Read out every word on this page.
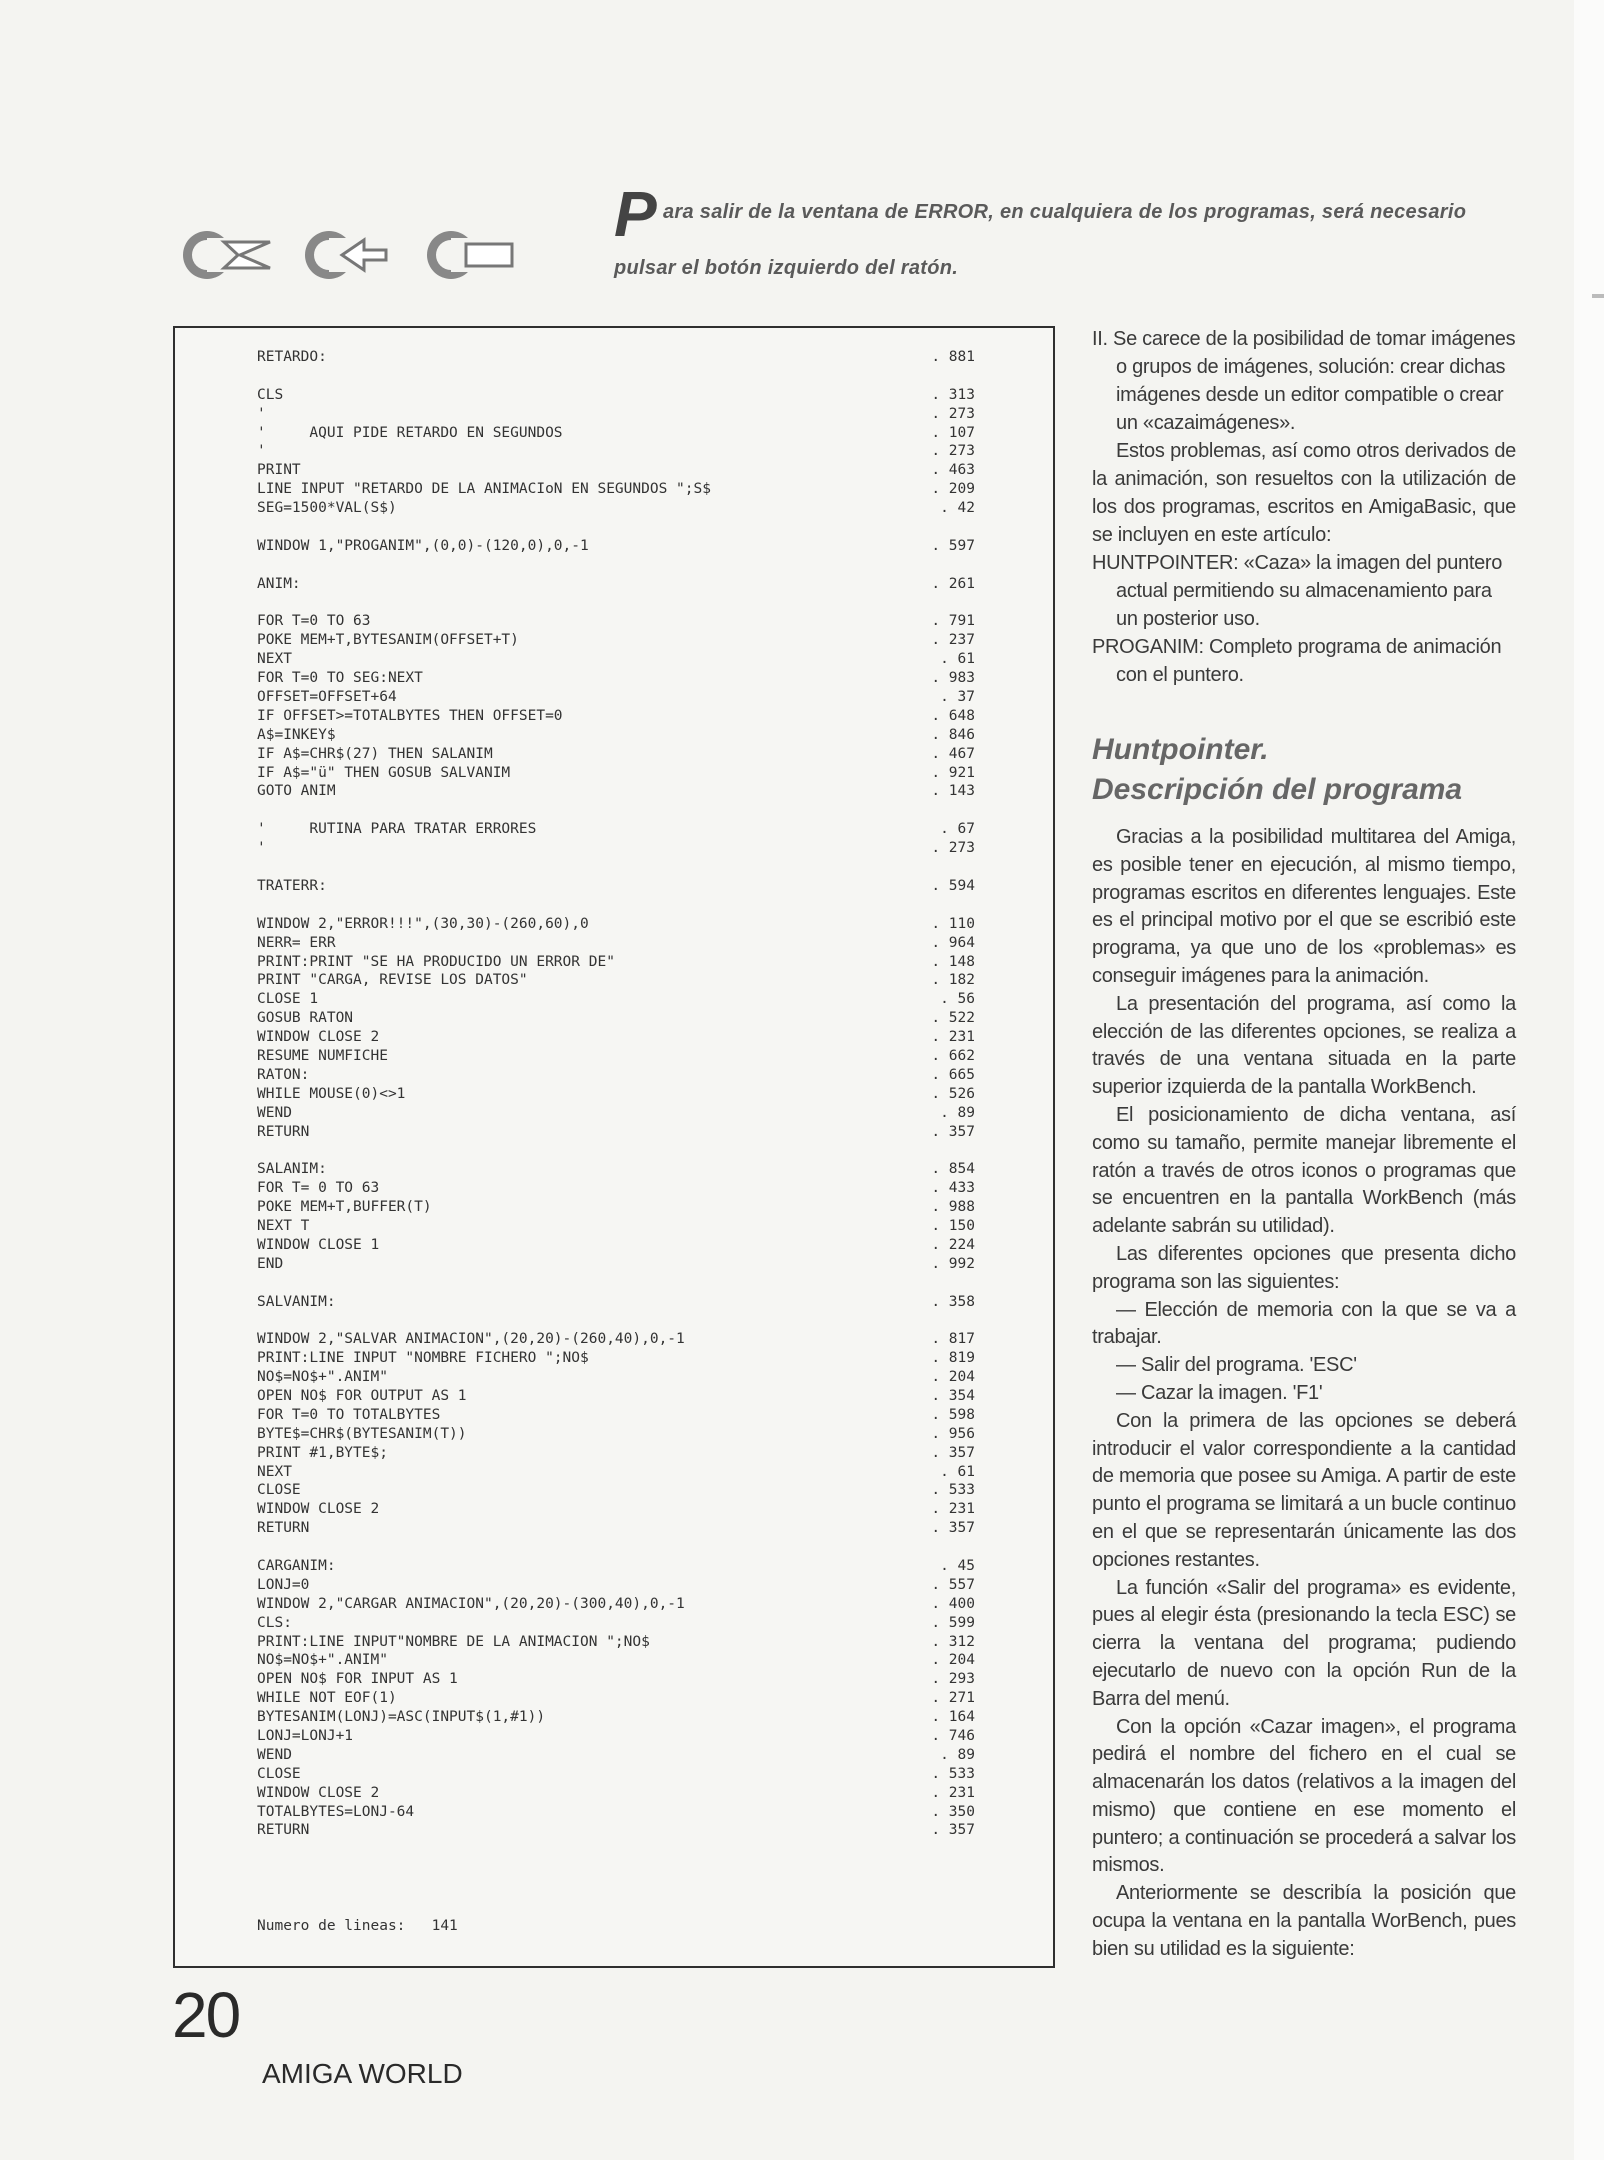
Para salir de la ventana de ERROR, en cualquiera de los programas, será necesario pulsar el botón izquierdo del ratón.
RETARDO:	. 881
CLS	. 313
'	. 273
'     AQUI PIDE RETARDO EN SEGUNDOS	. 107
'	. 273
PRINT	. 463
LINE INPUT "RETARDO DE LA ANIMACIoN EN SEGUNDOS ";S$	. 209
SEG=1500*VAL(S$)	. 42
WINDOW 1,"PROGANIM",(0,0)-(120,0),0,-1	. 597
ANIM:	. 261
FOR T=0 TO 63	. 791
POKE MEM+T,BYTESANIM(OFFSET+T)	. 237
NEXT	. 61
FOR T=0 TO SEG:NEXT	. 983
OFFSET=OFFSET+64	. 37
IF OFFSET>=TOTALBYTES THEN OFFSET=0	. 648
A$=INKEY$	. 846
IF A$=CHR$(27) THEN SALANIM	. 467
IF A$="ü" THEN GOSUB SALVANIM	. 921
GOTO ANIM	. 143
'     RUTINA PARA TRATAR ERRORES	. 67
'	. 273
TRATERR:	. 594
WINDOW 2,"ERROR!!!",(30,30)-(260,60),0	. 110
NERR= ERR	. 964
PRINT:PRINT "SE HA PRODUCIDO UN ERROR DE"	. 148
PRINT "CARGA, REVISE LOS DATOS"	. 182
CLOSE 1	. 56
GOSUB RATON	. 522
WINDOW CLOSE 2	. 231
RESUME NUMFICHE	. 662
RATON:	. 665
WHILE MOUSE(0)<>1	. 526
WEND	. 89
RETURN	. 357
SALANIM:	. 854
FOR T= 0 TO 63	. 433
POKE MEM+T,BUFFER(T)	. 988
NEXT T	. 150
WINDOW CLOSE 1	. 224
END	. 992
SALVANIM:	. 358
WINDOW 2,"SALVAR ANIMACION",(20,20)-(260,40),0,-1	. 817
PRINT:LINE INPUT "NOMBRE FICHERO ";NO$	. 819
NO$=NO$+".ANIM"	. 204
OPEN NO$ FOR OUTPUT AS 1	. 354
FOR T=0 TO TOTALBYTES	. 598
BYTE$=CHR$(BYTESANIM(T))	. 956
PRINT #1,BYTE$;	. 357
NEXT	. 61
CLOSE	. 533
WINDOW CLOSE 2	. 231
RETURN	. 357
CARGANIM:	. 45
LONJ=0	. 557
WINDOW 2,"CARGAR ANIMACION",(20,20)-(300,40),0,-1	. 400
CLS:	. 599
PRINT:LINE INPUT"NOMBRE DE LA ANIMACION ";NO$	. 312
NO$=NO$+".ANIM"	. 204
OPEN NO$ FOR INPUT AS 1	. 293
WHILE NOT EOF(1)	. 271
BYTESANIM(LONJ)=ASC(INPUT$(1,#1))	. 164
LONJ=LONJ+1	. 746
WEND	. 89
CLOSE	. 533
WINDOW CLOSE 2	. 231
TOTALBYTES=LONJ-64	. 350
RETURN	. 357
Numero de lineas:   141

II. Se carece de la posibilidad de tomar imágenes o grupos de imágenes, solución: crear dichas imágenes desde un editor compatible o crear un «cazaimágenes».

Estos problemas, así como otros derivados de la animación, son resueltos con la utilización de los dos programas, escritos en AmigaBasic, que se incluyen en este artículo:

HUNTPOINTER: «Caza» la imagen del puntero actual permitiendo su almacenamiento para un posterior uso.

PROGANIM: Completo programa de animación con el puntero.

Huntpointer.
Descripción del programa

Gracias a la posibilidad multitarea del Amiga, es posible tener en ejecución, al mismo tiempo, programas escritos en diferentes lenguajes. Este es el principal motivo por el que se escribió este programa, ya que uno de los «problemas» es conseguir imágenes para la animación.

La presentación del programa, así como la elección de las diferentes opciones, se realiza a través de una ventana situada en la parte superior izquierda de la pantalla WorkBench.

El posicionamiento de dicha ventana, así como su tamaño, permite manejar libremente el ratón a través de otros iconos o programas que se encuentren en la pantalla WorkBench (más adelante sabrán su utilidad).

Las diferentes opciones que presenta dicho programa son las siguientes:

— Elección de memoria con la que se va a trabajar.

— Salir del programa. 'ESC'

— Cazar la imagen. 'F1'

Con la primera de las opciones se deberá introducir el valor correspondiente a la cantidad de memoria que posee su Amiga. A partir de este punto el programa se limitará a un bucle continuo en el que se representarán únicamente las dos opciones restantes.

La función «Salir del programa» es evidente, pues al elegir ésta (presionando la tecla ESC) se cierra la ventana del programa; pudiendo ejecutarlo de nuevo con la opción Run de la Barra del menú.

Con la opción «Cazar imagen», el programa pedirá el nombre del fichero en el cual se almacenarán los datos (relativos a la imagen del mismo) que contiene en ese momento el puntero; a continuación se procederá a salvar los mismos.

Anteriormente se describía la posición que ocupa la ventana en la pantalla WorBench, pues bien su utilidad es la siguiente:

20
AMIGA WORLD
